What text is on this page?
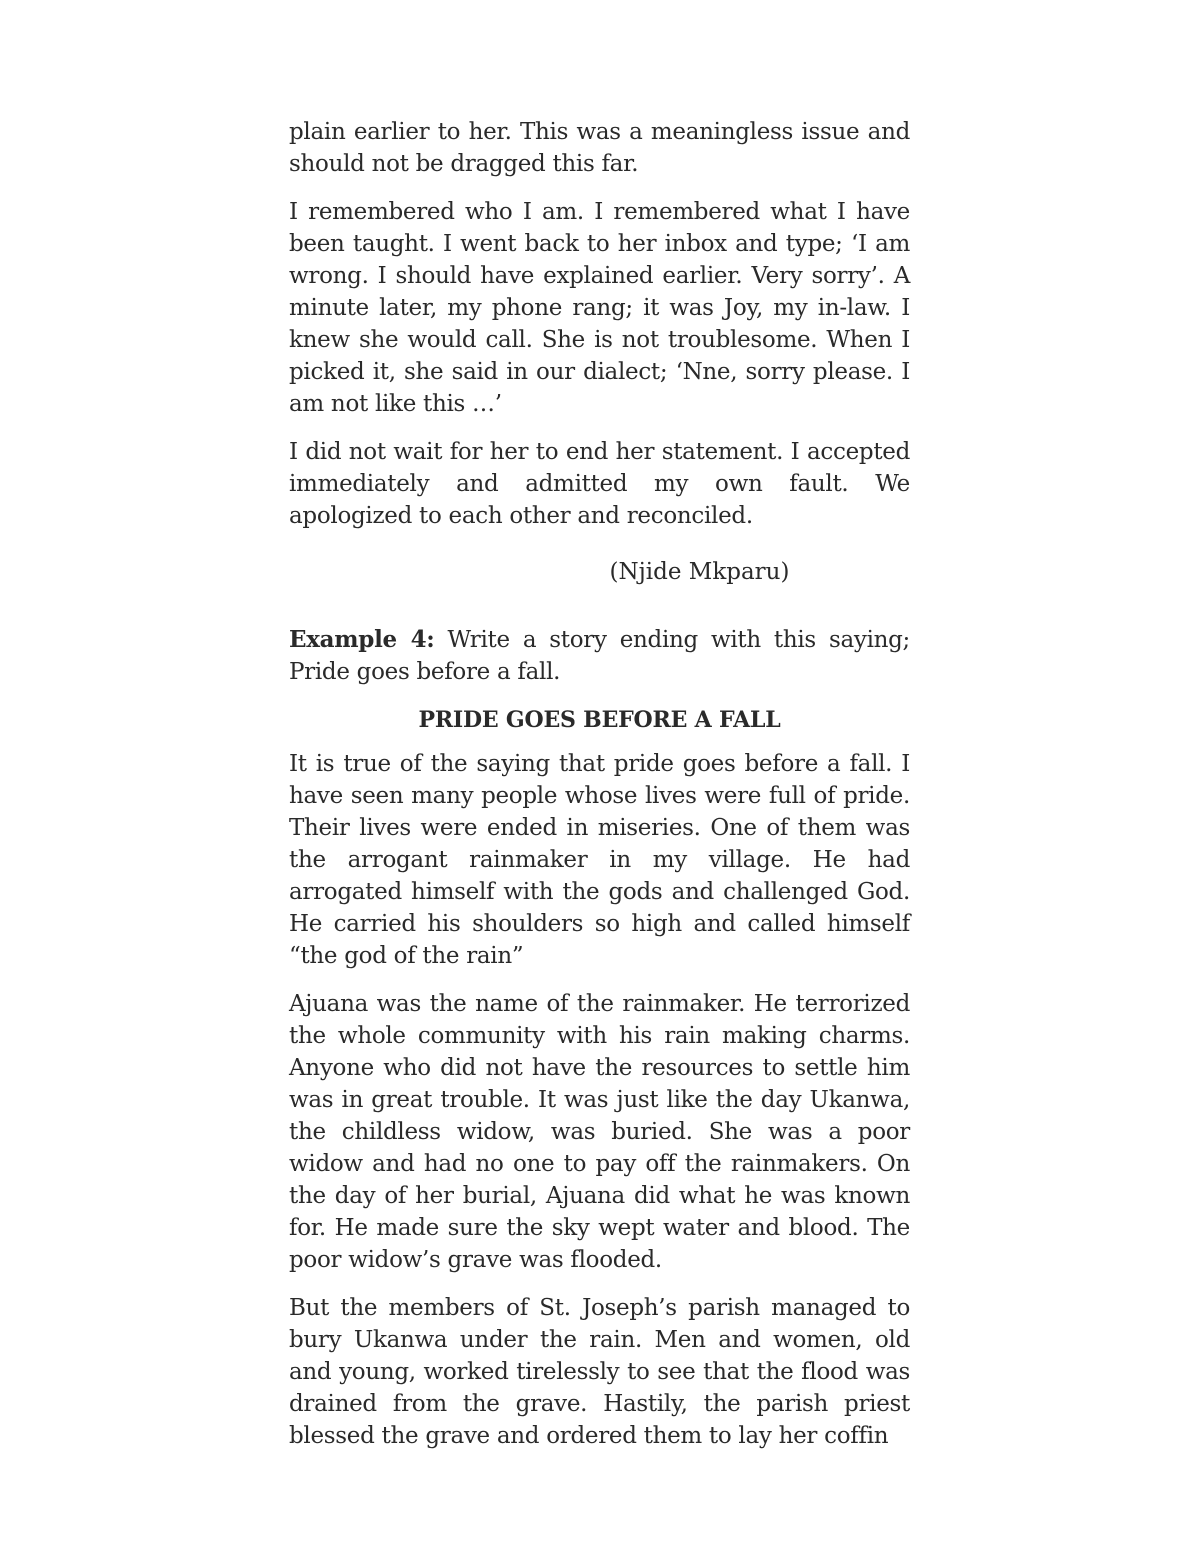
plain earlier to her. This was a meaningless issue and should not be dragged this far.

I remembered who I am. I remembered what I have been taught. I went back to her inbox and type; ‘I am wrong. I should have explained earlier. Very sorry’. A minute later, my phone rang; it was Joy, my in-law. I knew she would call. She is not troublesome. When I picked it, she said in our dialect; ‘Nne, sorry please. I am not like this …’

I did not wait for her to end her statement. I accepted immediately and admitted my own fault. We apologized to each other and reconciled.

(Njide Mkparu)

Example 4: Write a story ending with this saying; Pride goes before a fall.

PRIDE GOES BEFORE A FALL

It is true of the saying that pride goes before a fall. I have seen many people whose lives were full of pride. Their lives were ended in miseries. One of them was the arrogant rainmaker in my village. He had arrogated himself with the gods and challenged God. He carried his shoulders so high and called himself “the god of the rain”

Ajuana was the name of the rainmaker. He terrorized the whole community with his rain making charms. Anyone who did not have the resources to settle him was in great trouble. It was just like the day Ukanwa, the childless widow, was buried. She was a poor widow and had no one to pay off the rainmakers. On the day of her burial, Ajuana did what he was known for. He made sure the sky wept water and blood. The poor widow’s grave was flooded.

But the members of St. Joseph’s parish managed to bury Ukanwa under the rain. Men and women, old and young, worked tirelessly to see that the flood was drained from the grave. Hastily, the parish priest blessed the grave and ordered them to lay her coffin
